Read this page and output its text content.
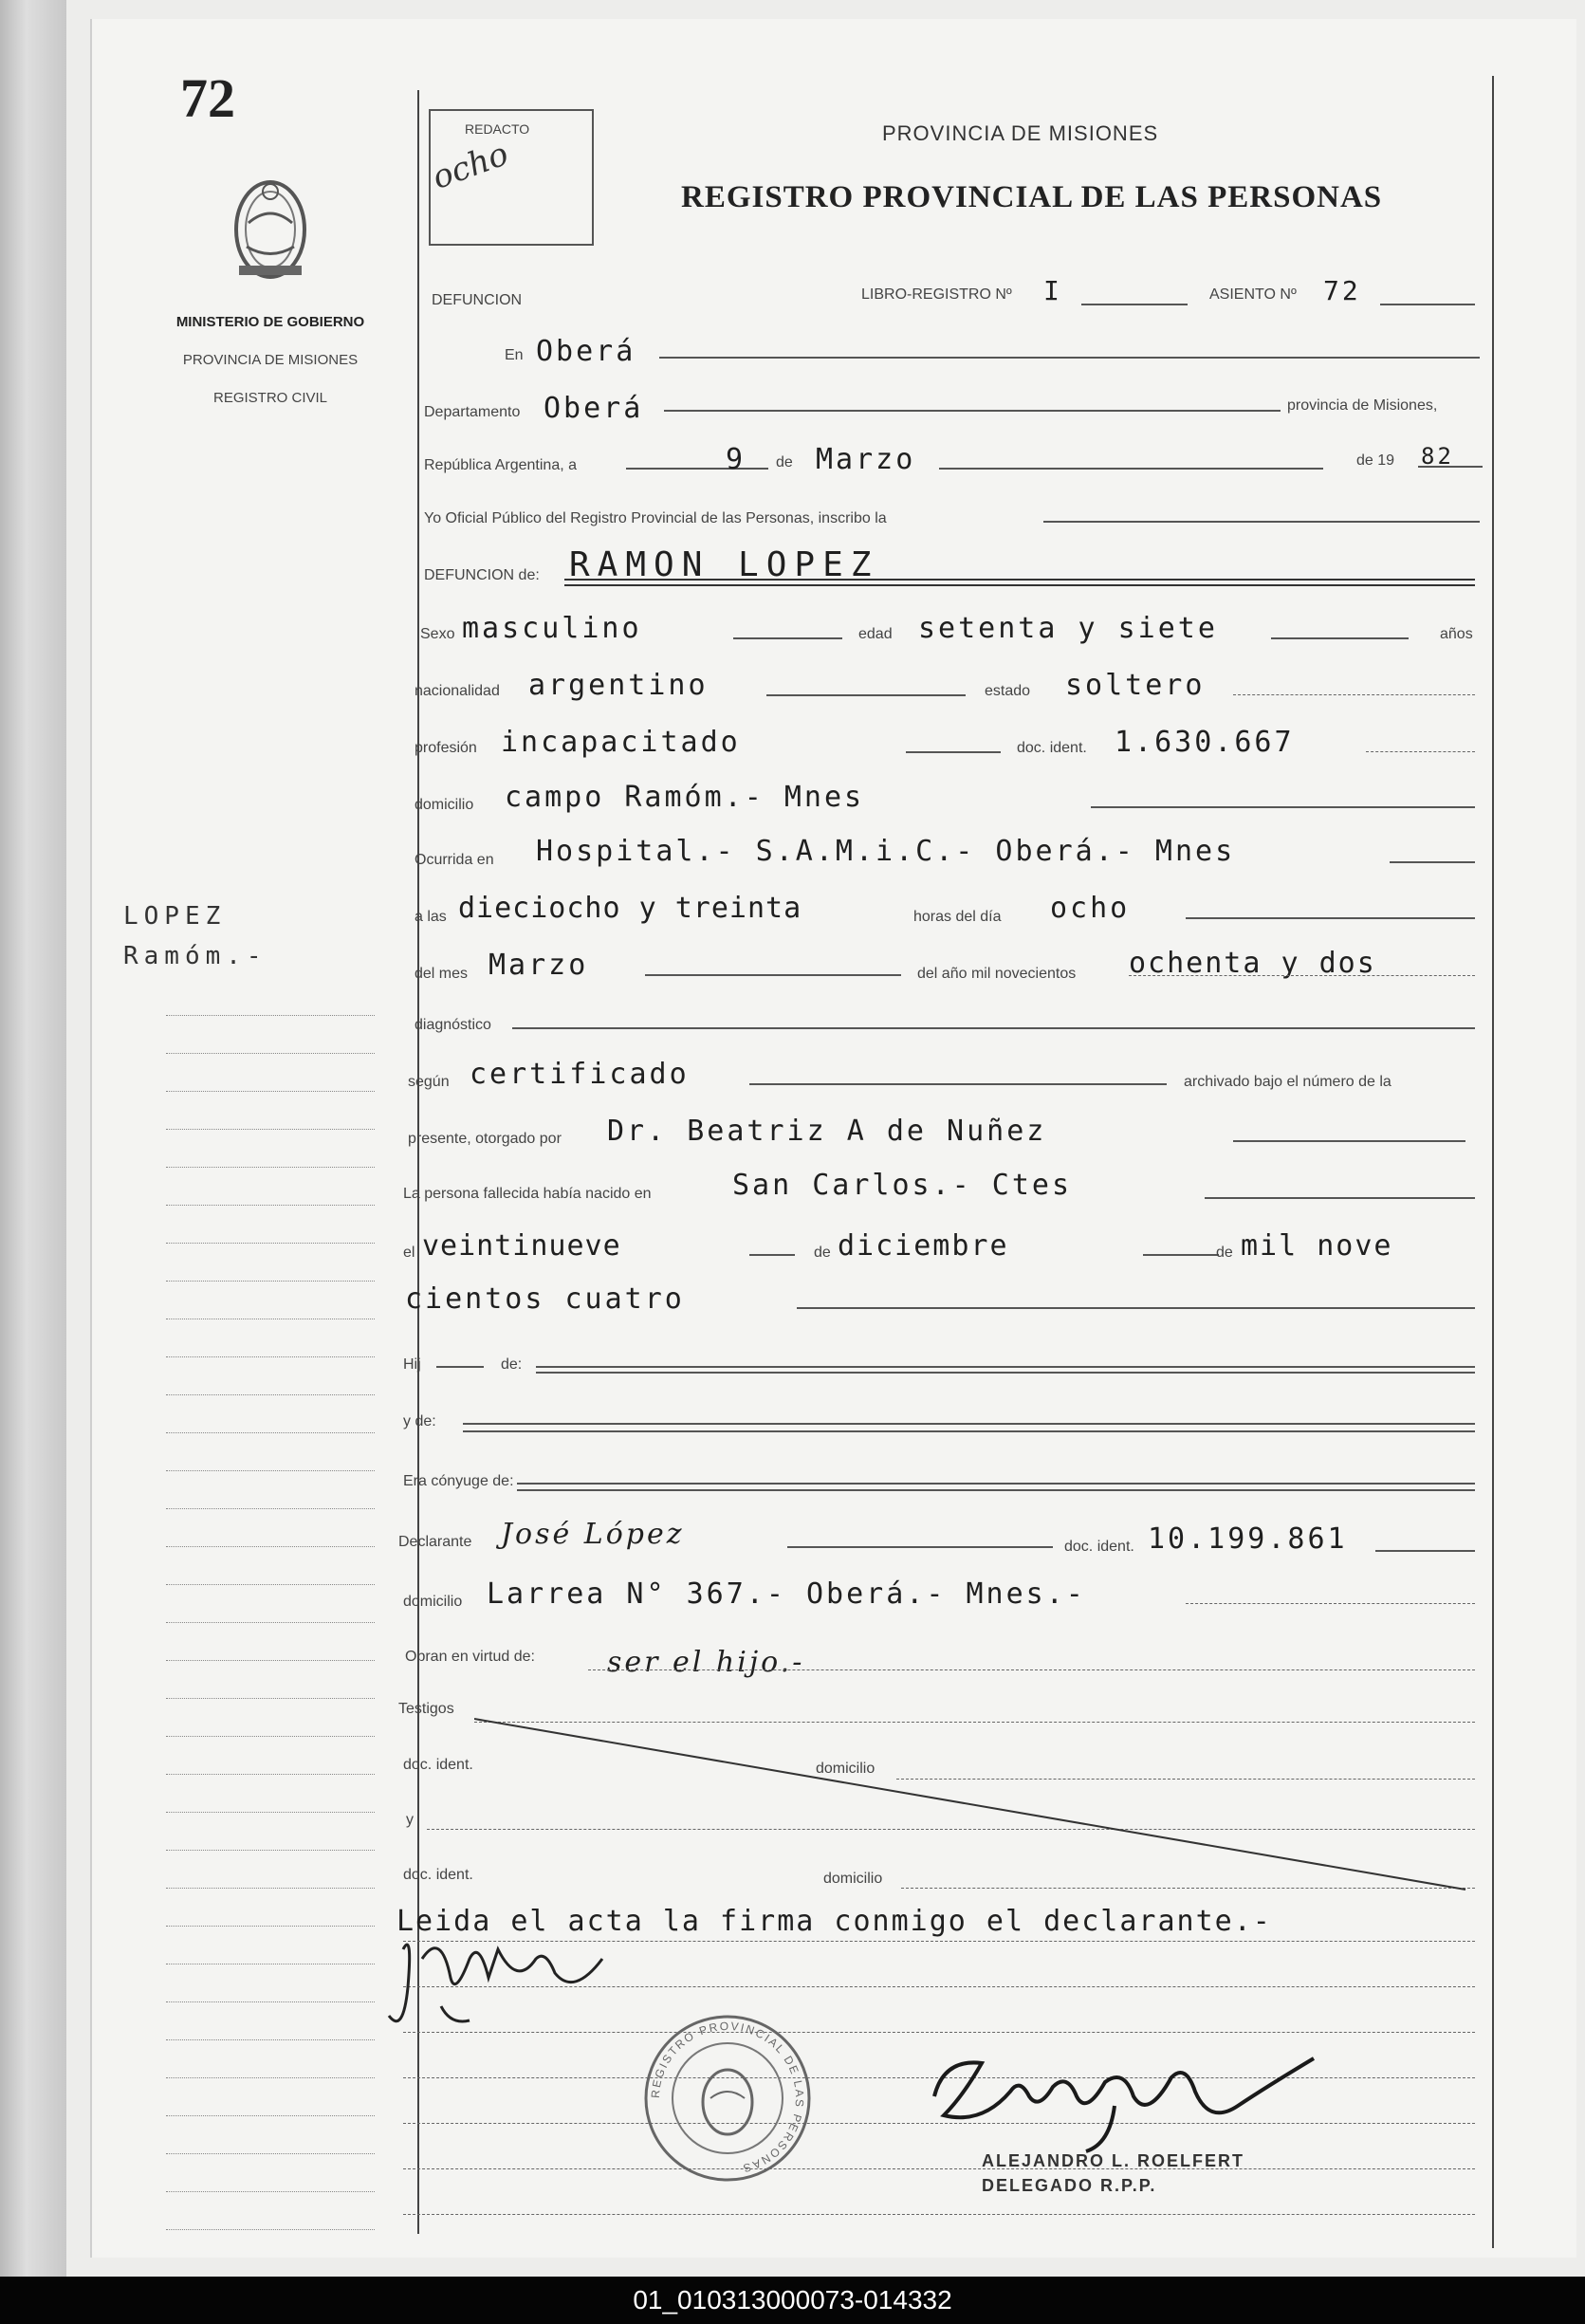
72
MINISTERIO DE GOBIERNO
PROVINCIA DE MISIONES
REGISTRO CIVIL
LOPEZ
Ramóm.-
REDACTO
ocho
PROVINCIA DE MISIONES
REGISTRO PROVINCIAL DE LAS PERSONAS
DEFUNCION	LIBRO-REGISTRO Nº I	ASIENTO Nº 72
En Oberá
Departamento Oberá	provincia de Misiones,
República Argentina, a	9 de Marzo	de 19 82
Yo Oficial Público del Registro Provincial de las Personas, inscribo la
DEFUNCION de: RAMON LOPEZ
Sexo masculino	edad setenta y siete	años
nacionalidad argentino	estado soltero
profesión incapacitado	doc. ident. 1.630.667
domicilio campo Ramóm.- Mnes
Ocurrida en Hospital.- S.A.M.i.C.- Oberá.- Mnes
a las dieciocho y treinta	horas del día ocho
del mes Marzo	del año mil novecientos ochenta y dos
diagnóstico
según certificado	archivado bajo el número de la
presente, otorgado por Dr. Beatriz A de Nuñez
La persona fallecida había nacido en	San Carlos.- Ctes
el veintinueve	de diciembre	de mil nove
cientos cuatro
Hij	de:
y de:
Era cónyuge de:
Declarante José López	doc. ident. 10.199.861
domicilio Larrea N° 367.- Oberá.- Mnes.-
Obran en virtud de:	ser el hijo.-
Testigos
doc. ident.	domicilio
y
doc. ident.	domicilio
Leida el acta la firma conmigo el declarante.-
REGISTRO PROVINCIAL DE LAS PERSONAS	ALEJANDRO L. ROELFERT
DELEGADO R.P.P.
01_010313000073-014332
